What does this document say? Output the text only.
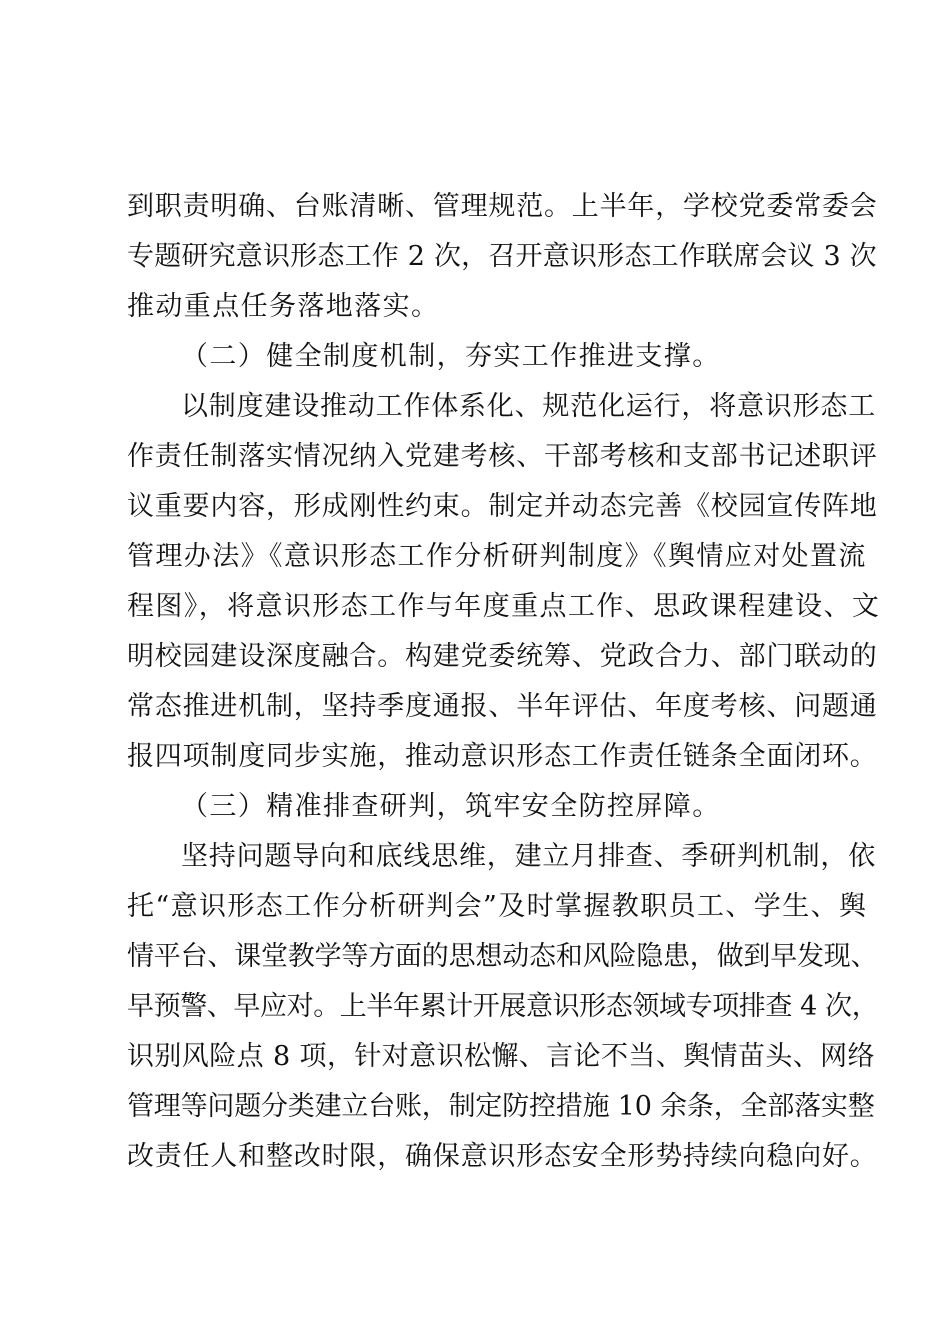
到职责明确、台账清晰、管理规范。上半年，学校党委常委会
专题研究意识形态工作 2 次，召开意识形态工作联席会议 3 次
推动重点任务落地落实。
（二）健全制度机制，夯实工作推进支撑。
以制度建设推动工作体系化、规范化运行，将意识形态工
作责任制落实情况纳入党建考核、干部考核和支部书记述职评
议重要内容，形成刚性约束。制定并动态完善《校园宣传阵地
管理办法》《意识形态工作分析研判制度》《舆情应对处置流
程图》，将意识形态工作与年度重点工作、思政课程建设、文
明校园建设深度融合。构建党委统筹、党政合力、部门联动的
常态推进机制，坚持季度通报、半年评估、年度考核、问题通
报四项制度同步实施，推动意识形态工作责任链条全面闭环。
（三）精准排查研判，筑牢安全防控屏障。
坚持问题导向和底线思维，建立月排查、季研判机制，依
托“意识形态工作分析研判会”及时掌握教职员工、学生、舆
情平台、课堂教学等方面的思想动态和风险隐患，做到早发现、
早预警、早应对。上半年累计开展意识形态领域专项排查 4 次，
识别风险点 8 项，针对意识松懈、言论不当、舆情苗头、网络
管理等问题分类建立台账，制定防控措施 10 余条，全部落实整
改责任人和整改时限，确保意识形态安全形势持续向稳向好。
